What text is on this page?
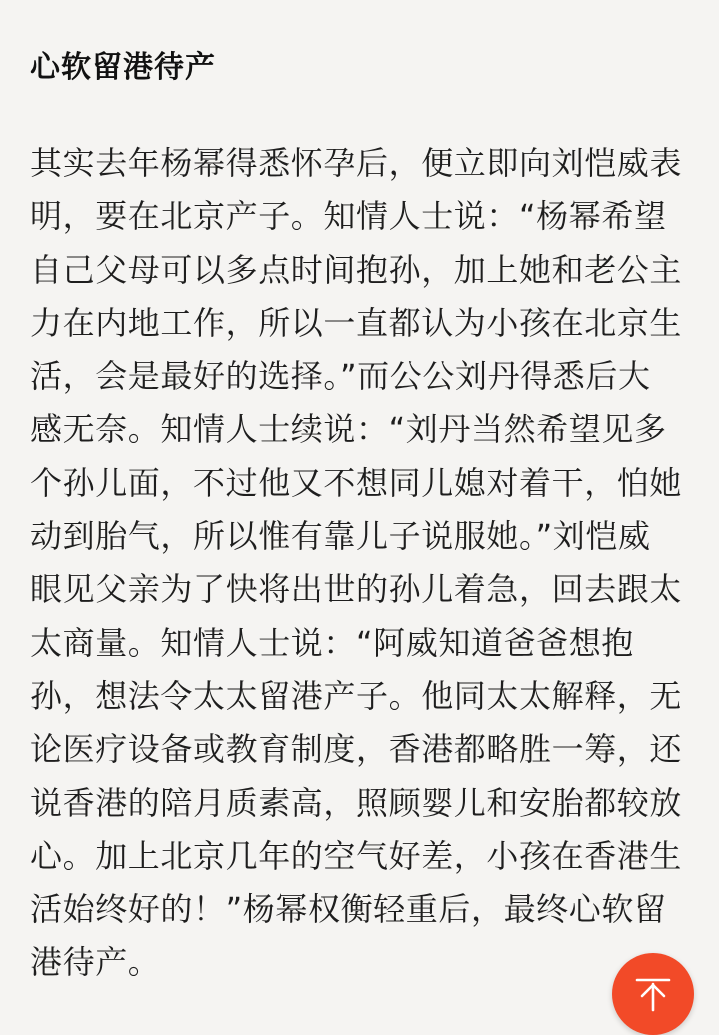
心软留港待产
其实去年杨幂得悉怀孕后，便立即向刘恺威表
明，要在北京产子。知情人士说：“杨幂希望
自己父母可以多点时间抱孙，加上她和老公主
力在内地工作，所以一直都认为小孩在北京生
活，会是最好的选择。”而公公刘丹得悉后大
感无奈。知情人士续说：“刘丹当然希望见多
个孙儿面，不过他又不想同儿媳对着干，怕她
动到胎气，所以惟有靠儿子说服她。”刘恺威
眼见父亲为了快将出世的孙儿着急，回去跟太
太商量。知情人士说：“阿威知道爸爸想抱
孙，想法令太太留港产子。他同太太解释，无
论医疗设备或教育制度，香港都略胜一筹，还
说香港的陪月质素高，照顾婴儿和安胎都较放
心。加上北京几年的空气好差，小孩在香港生
活始终好的！”杨幂权衡轻重后，最终心软留
港待产。
